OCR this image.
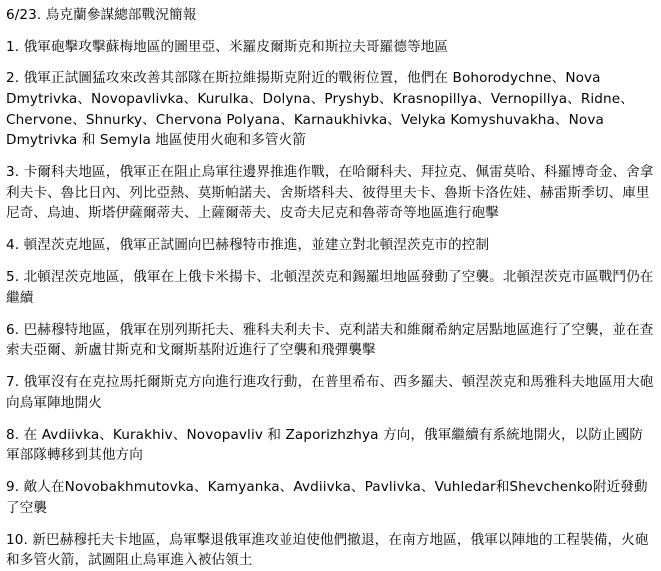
6/23. 烏克蘭參謀總部戰況簡報
1. 俄軍砲擊攻擊蘇梅地區的圖里亞、米羅皮爾斯克和斯拉夫哥羅德等地區
2. 俄軍正試圖猛攻來改善其部隊在斯拉維揚斯克附近的戰術位置，他們在 Bohorodychne、Nova Dmytrivka、Novopavlivka、Kurulka、Dolyna、Pryshyb、Krasnopillya、Vernopillya、Ridne、Chervone、Shnurky、Chervona Polyana、Karnaukhivka、Velyka Komyshuvakha、Nova Dmytrivka 和 Semyla 地區使用火砲和多管火箭
3. 卡爾科夫地區，俄軍正在阻止烏軍往邊界推進作戰，在哈爾科夫、拜拉克、佩雷莫哈、科羅博奇金、舍拿利夫卡、魯比日內、列比亞熱、莫斯帕諾夫、舍斯塔科夫、彼得里夫卡、魯斯卡洛佐娃、赫雷斯季切、庫里尼奇、烏迪、斯塔伊薩爾蒂夫、上薩爾蒂夫、皮奇夫尼克和魯蒂奇等地區進行砲擊
4. 頓涅茨克地區，俄軍正試圖向巴赫穆特市推進，並建立對北頓涅茨克市的控制
5. 北頓涅茨克地區，俄軍在上俄卡米揚卡、北頓涅茨克和錫羅坦地區發動了空襲。北頓涅茨克市區戰鬥仍在繼續
6. 巴赫穆特地區，俄軍在別列斯托夫、雅科夫利夫卡、克利諾夫和維爾希納定居點地區進行了空襲，並在查索夫亞爾、新盧甘斯克和戈爾斯基附近進行了空襲和飛彈襲擊
7. 俄軍沒有在克拉馬托爾斯克方向進行進攻行動，在普里希布、西多羅夫、頓涅茨克和馬雅科夫地區用大砲向烏軍陣地開火
8. 在 Avdiivka、Kurakhiv、Novopavliv 和 Zaporizhzhya 方向，俄軍繼續有系統地開火，以防止國防軍部隊轉移到其他方向
9. 敵人在Novobakhmutovka、Kamyanka、Avdiivka、Pavlivka、Vuhledar和Shevchenko附近發動了空襲
10. 新巴赫穆托夫卡地區，烏軍擊退俄軍進攻並迫使他們撤退，在南方地區，俄軍以陣地的工程裝備，火砲和多管火箭，試圖阻止烏軍進入被佔領土
